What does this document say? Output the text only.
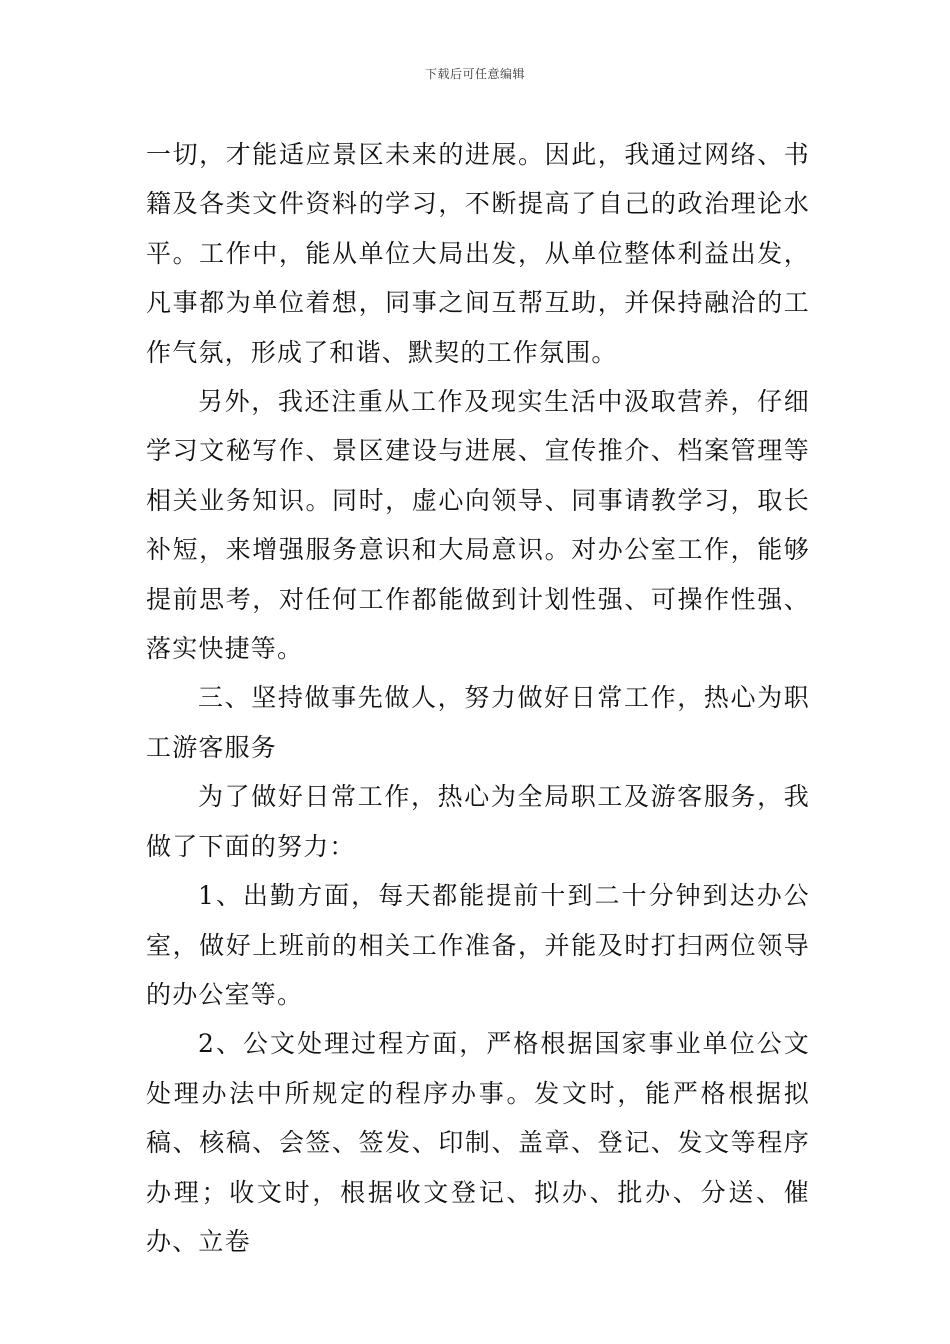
下载后可任意编辑

一切，才能适应景区未来的进展。因此，我通过网络、书籍及各类文件资料的学习，不断提高了自己的政治理论水平。工作中，能从单位大局出发，从单位整体利益出发，凡事都为单位着想，同事之间互帮互助，并保持融洽的工作气氛，形成了和谐、默契的工作氛围。

另外，我还注重从工作及现实生活中汲取营养，仔细学习文秘写作、景区建设与进展、宣传推介、档案管理等相关业务知识。同时，虚心向领导、同事请教学习，取长补短，来增强服务意识和大局意识。对办公室工作，能够提前思考，对任何工作都能做到计划性强、可操作性强、落实快捷等。

三、坚持做事先做人，努力做好日常工作，热心为职工游客服务

为了做好日常工作，热心为全局职工及游客服务，我做了下面的努力：

1、出勤方面，每天都能提前十到二十分钟到达办公室，做好上班前的相关工作准备，并能及时打扫两位领导的办公室等。

2、公文处理过程方面，严格根据国家事业单位公文处理办法中所规定的程序办事。发文时，能严格根据拟稿、核稿、会签、签发、印制、盖章、登记、发文等程序办理；收文时，根据收文登记、拟办、批办、分送、催办、立卷
